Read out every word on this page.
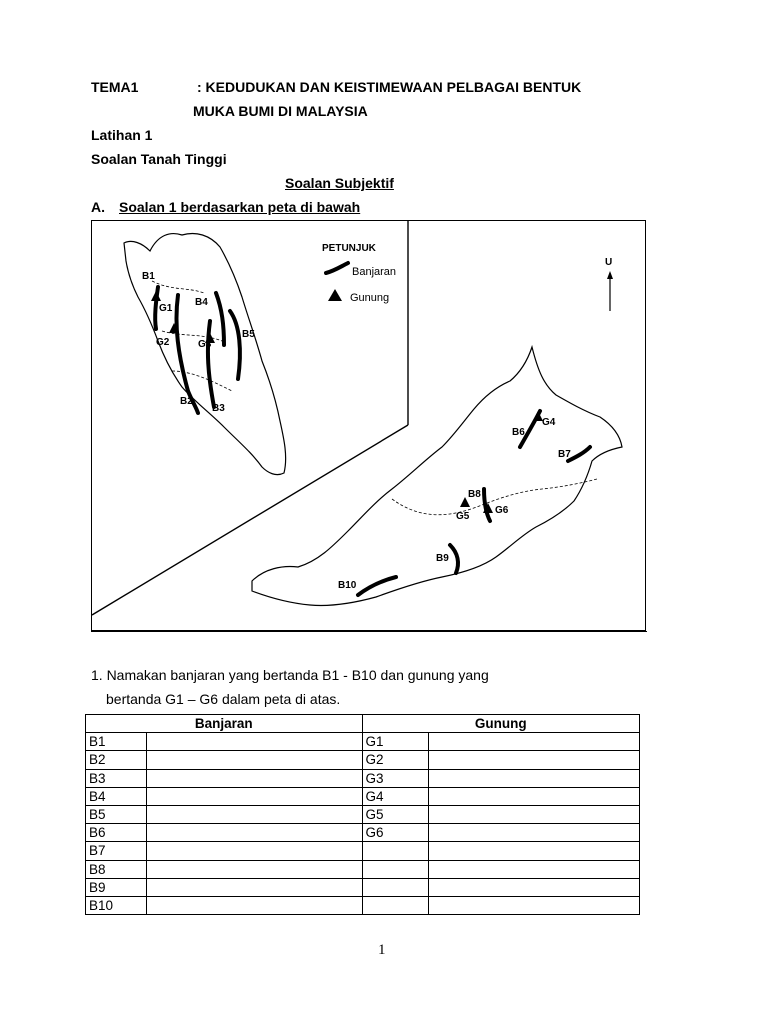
TEMA1	: KEDUDUKAN DAN KEISTIMEWAAN PELBAGAI BENTUK
MUKA BUMI DI MALAYSIA
Latihan 1
Soalan Tanah Tinggi
Soalan Subjektif
A. Soalan 1 berdasarkan peta di bawah
PETUNJUK
Banjaran
Gunung
U
B1
G1
B4
B5
G2	G3
B2
B3
B6
G4
B7
B8
G5
G6
B9
B10
1. Namakan banjaran yang bertanda B1 - B10 dan gunung yang
bertanda G1 – G6 dalam peta di atas.
Banjaran		Gunung	
B1		G1	
B2		G2	
B3		G3	
B4		G4	
B5		G5	
B6		G6	
B7			
B8			
B9			
B10			
1
